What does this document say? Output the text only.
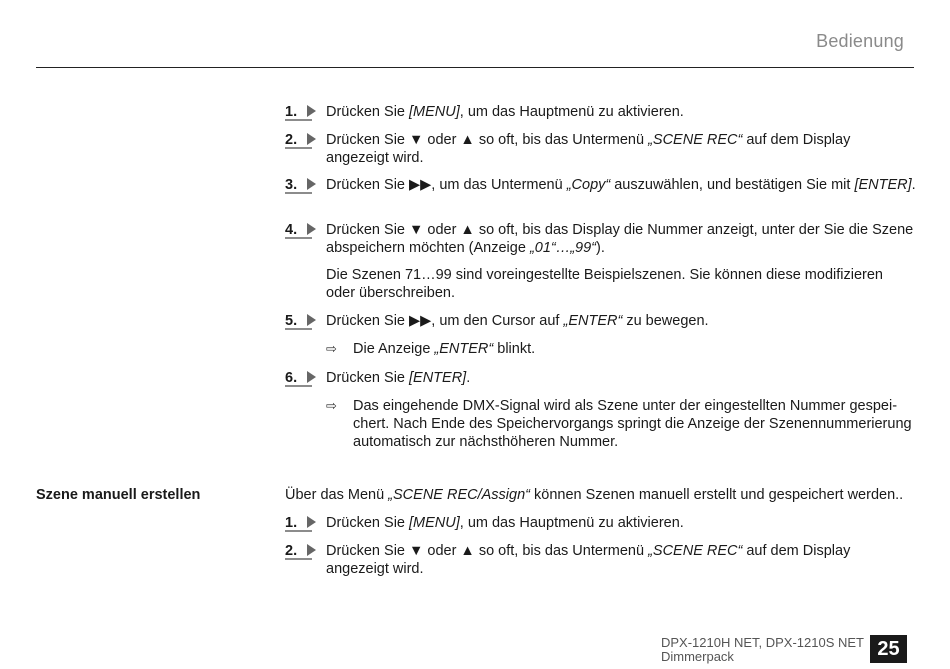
Bedienung
1. Drücken Sie [MENU], um das Hauptmenü zu aktivieren.
2. Drücken Sie ▼ oder ▲ so oft, bis das Untermenü „SCENE REC“ auf dem Display angezeigt wird.
3. Drücken Sie ▶▶, um das Untermenü „Copy“ auszuwählen, und bestätigen Sie mit [ENTER].
4. Drücken Sie ▼ oder ▲ so oft, bis das Display die Nummer anzeigt, unter der Sie die Szene abspeichern möchten (Anzeige „01“…„99“).
Die Szenen 71…99 sind voreingestellte Beispielszenen. Sie können diese modifizieren oder überschreiben.
5. Drücken Sie ▶▶, um den Cursor auf „ENTER“ zu bewegen.
⇨ Die Anzeige „ENTER“ blinkt.
6. Drücken Sie [ENTER].
⇨ Das eingehende DMX-Signal wird als Szene unter der eingestellten Nummer gespeichert. Nach Ende des Speichervorgangs springt die Anzeige der Szenennummerierung automatisch zur nächsthöheren Nummer.
Szene manuell erstellen	Über das Menü „SCENE REC/Assign“ können Szenen manuell erstellt und gespeichert werden..
1. Drücken Sie [MENU], um das Hauptmenü zu aktivieren.
2. Drücken Sie ▼ oder ▲ so oft, bis das Untermenü „SCENE REC“ auf dem Display angezeigt wird.
DPX-1210H NET, DPX-1210S NET
Dimmerpack	25
